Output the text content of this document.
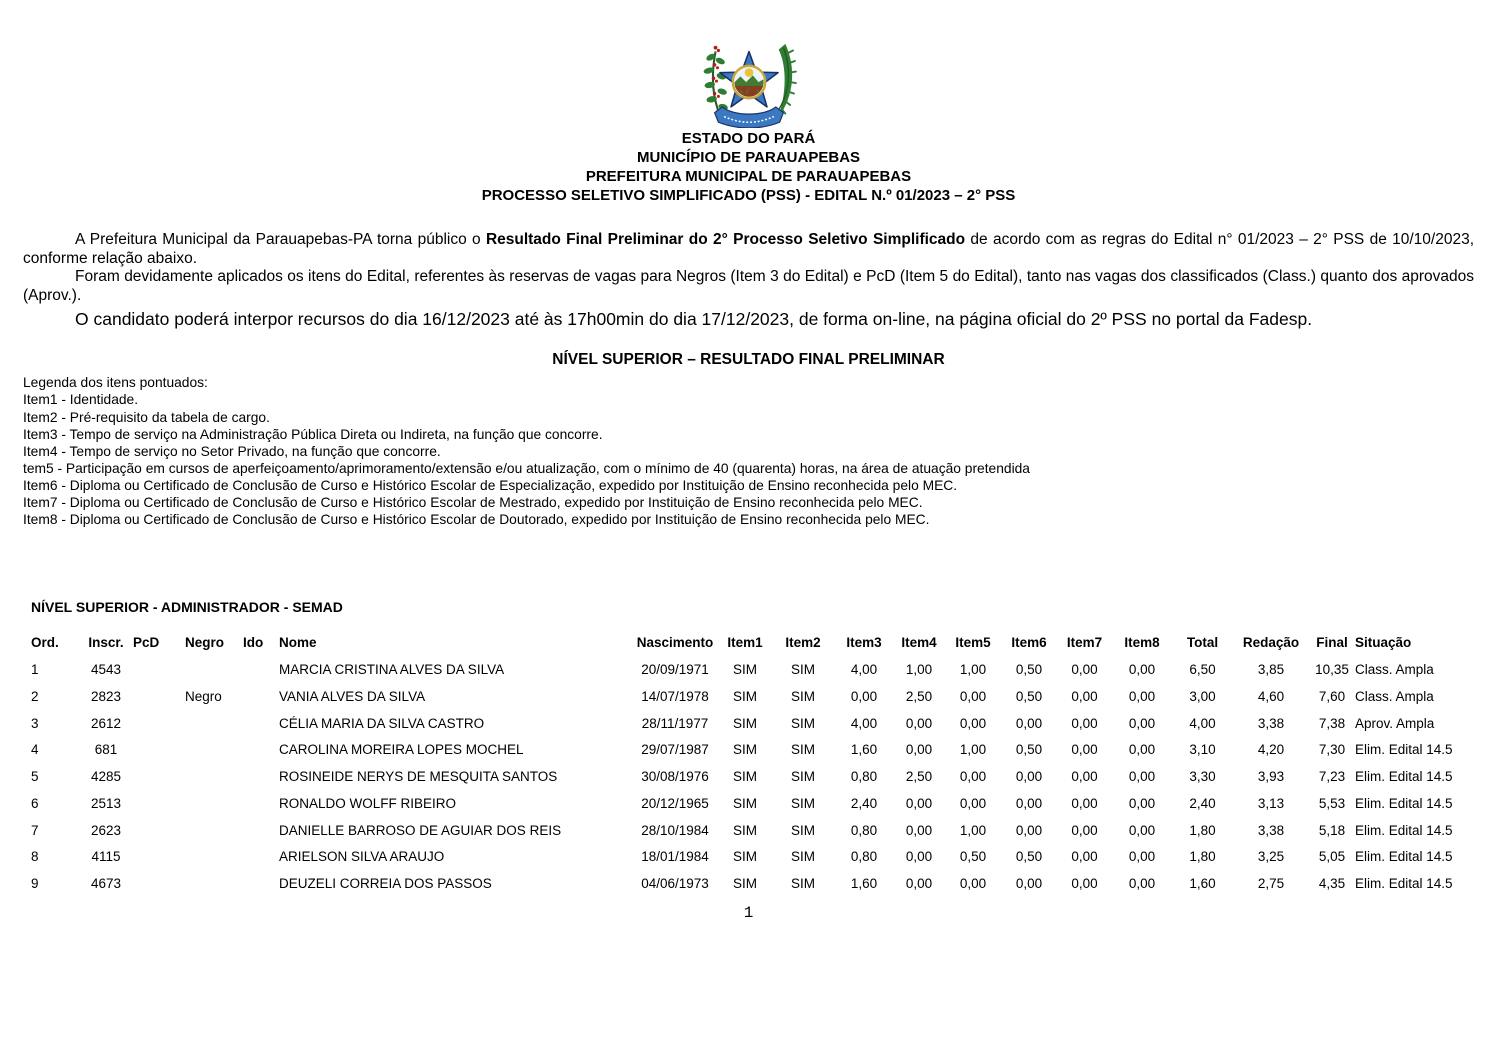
ESTADO DO PARÁ
MUNICÍPIO DE PARAUAPEBAS
PREFEITURA MUNICIPAL DE PARAUAPEBAS
PROCESSO SELETIVO SIMPLIFICADO (PSS) - EDITAL N.º 01/2023 – 2° PSS

A Prefeitura Municipal da Parauapebas-PA torna público o Resultado Final Preliminar do 2° Processo Seletivo Simplificado de acordo com as regras do Edital n° 01/2023 – 2° PSS de 10/10/2023, conforme relação abaixo.

Foram devidamente aplicados os itens do Edital, referentes às reservas de vagas para Negros (Item 3 do Edital) e PcD (Item 5 do Edital), tanto nas vagas dos classificados (Class.) quanto dos aprovados (Aprov.).

O candidato poderá interpor recursos do dia 16/12/2023 até às 17h00min do dia 17/12/2023, de forma on-line, na página oficial do 2º PSS no portal da Fadesp.

NÍVEL SUPERIOR – RESULTADO FINAL PRELIMINAR
Legenda dos itens pontuados:
Item1 - Identidade.
Item2 - Pré-requisito da tabela de cargo.
Item3 - Tempo de serviço na Administração Pública Direta ou Indireta, na função que concorre.
Item4 - Tempo de serviço no Setor Privado, na função que concorre.
tem5 - Participação em cursos de aperfeiçoamento/aprimoramento/extensão e/ou atualização, com o mínimo de 40 (quarenta) horas, na área de atuação pretendida
Item6 - Diploma ou Certificado de Conclusão de Curso e Histórico Escolar de Especialização, expedido por Instituição de Ensino reconhecida pelo MEC.
Item7 - Diploma ou Certificado de Conclusão de Curso e Histórico Escolar de Mestrado, expedido por Instituição de Ensino reconhecida pelo MEC.
Item8 - Diploma ou Certificado de Conclusão de Curso e Histórico Escolar de Doutorado, expedido por Instituição de Ensino reconhecida pelo MEC.
NÍVEL SUPERIOR - ADMINISTRADOR - SEMAD
Ord.	Inscr.	PcD	Negro	Ido	Nome	Nascimento	Item1	Item2	Item3	Item4	Item5	Item6	Item7	Item8	Total	Redação	Final	Situação
1	4543				MARCIA CRISTINA ALVES DA SILVA	20/09/1971	SIM	SIM	4,00	1,00	1,00	0,50	0,00	0,00	6,50	3,85	10,35	Class. Ampla
2	2823		Negro		VANIA ALVES DA SILVA	14/07/1978	SIM	SIM	0,00	2,50	0,00	0,50	0,00	0,00	3,00	4,60	7,60	Class. Ampla
3	2612				CÉLIA MARIA DA SILVA CASTRO	28/11/1977	SIM	SIM	4,00	0,00	0,00	0,00	0,00	0,00	4,00	3,38	7,38	Aprov. Ampla
4	681				CAROLINA MOREIRA LOPES MOCHEL	29/07/1987	SIM	SIM	1,60	0,00	1,00	0,50	0,00	0,00	3,10	4,20	7,30	Elim. Edital 14.5
5	4285				ROSINEIDE NERYS DE MESQUITA SANTOS	30/08/1976	SIM	SIM	0,80	2,50	0,00	0,00	0,00	0,00	3,30	3,93	7,23	Elim. Edital 14.5
6	2513				RONALDO WOLFF RIBEIRO	20/12/1965	SIM	SIM	2,40	0,00	0,00	0,00	0,00	0,00	2,40	3,13	5,53	Elim. Edital 14.5
7	2623				DANIELLE BARROSO DE AGUIAR DOS REIS	28/10/1984	SIM	SIM	0,80	0,00	1,00	0,00	0,00	0,00	1,80	3,38	5,18	Elim. Edital 14.5
8	4115				ARIELSON SILVA ARAUJO	18/01/1984	SIM	SIM	0,80	0,00	0,50	0,50	0,00	0,00	1,80	3,25	5,05	Elim. Edital 14.5
9	4673				DEUZELI CORREIA DOS PASSOS	04/06/1973	SIM	SIM	1,60	0,00	0,00	0,00	0,00	0,00	1,60	2,75	4,35	Elim. Edital 14.5
1
